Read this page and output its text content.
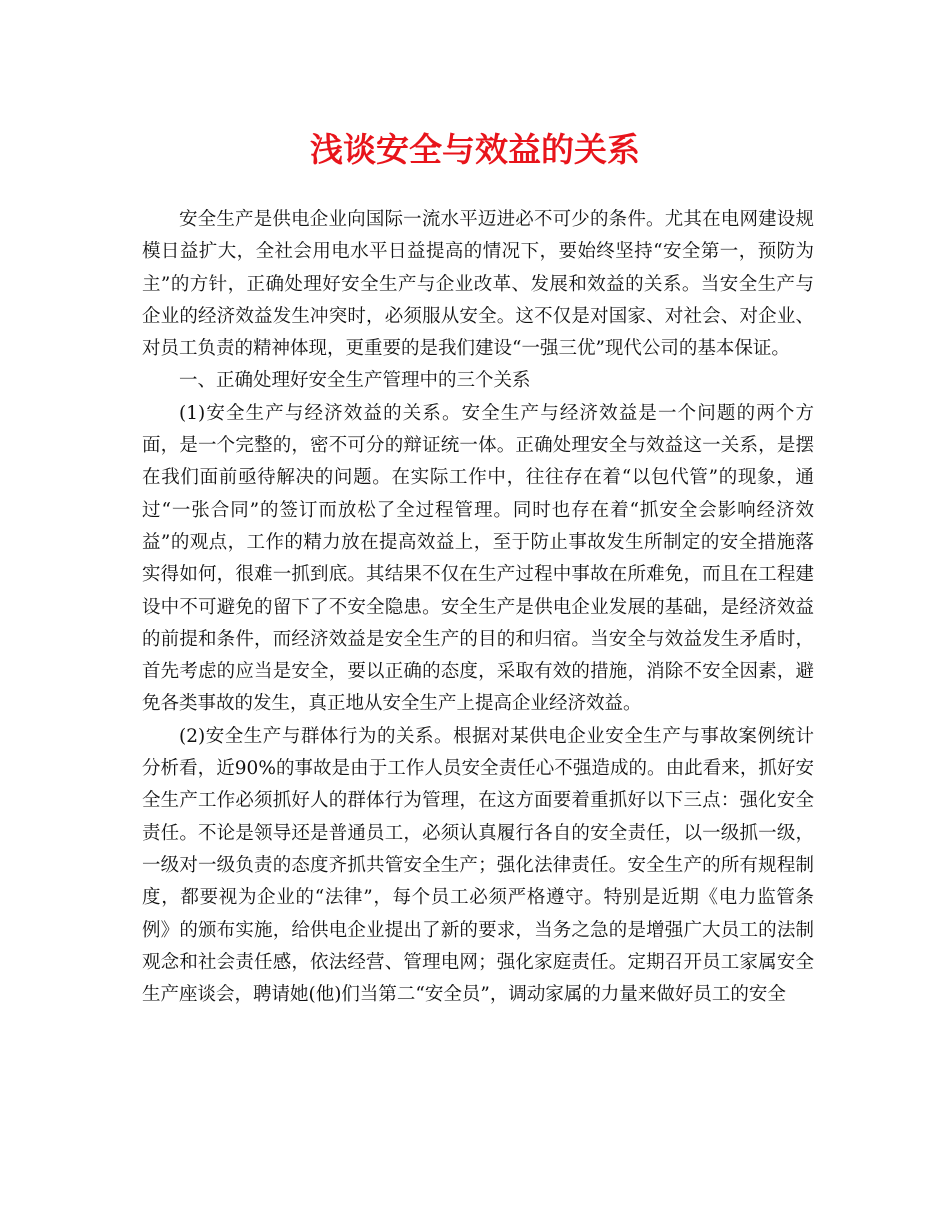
浅谈安全与效益的关系

安全生产是供电企业向国际一流水平迈进必不可少的条件。尤其在电网建设规模日益扩大，全社会用电水平日益提高的情况下，要始终坚持“安全第一，预防为主”的方针，正确处理好安全生产与企业改革、发展和效益的关系。当安全生产与企业的经济效益发生冲突时，必须服从安全。这不仅是对国家、对社会、对企业、对员工负责的精神体现，更重要的是我们建设“一强三优”现代公司的基本保证。

一、正确处理好安全生产管理中的三个关系

(1)安全生产与经济效益的关系。安全生产与经济效益是一个问题的两个方面，是一个完整的，密不可分的辩证统一体。正确处理安全与效益这一关系，是摆在我们面前亟待解决的问题。在实际工作中，往往存在着“以包代管”的现象，通过“一张合同”的签订而放松了全过程管理。同时也存在着“抓安全会影响经济效益”的观点，工作的精力放在提高效益上，至于防止事故发生所制定的安全措施落实得如何，很难一抓到底。其结果不仅在生产过程中事故在所难免，而且在工程建设中不可避免的留下了不安全隐患。安全生产是供电企业发展的基础，是经济效益的前提和条件，而经济效益是安全生产的目的和归宿。当安全与效益发生矛盾时，首先考虑的应当是安全，要以正确的态度，采取有效的措施，消除不安全因素，避免各类事故的发生，真正地从安全生产上提高企业经济效益。

(2)安全生产与群体行为的关系。根据对某供电企业安全生产与事故案例统计分析看，近90%的事故是由于工作人员安全责任心不强造成的。由此看来，抓好安全生产工作必须抓好人的群体行为管理，在这方面要着重抓好以下三点：强化安全责任。不论是领导还是普通员工，必须认真履行各自的安全责任，以一级抓一级，一级对一级负责的态度齐抓共管安全生产；强化法律责任。安全生产的所有规程制度，都要视为企业的“法律”，每个员工必须严格遵守。特别是近期《电力监管条例》的颁布实施，给供电企业提出了新的要求，当务之急的是增强广大员工的法制观念和社会责任感，依法经营、管理电网；强化家庭责任。定期召开员工家属安全生产座谈会，聘请她(他)们当第二“安全员”，调动家属的力量来做好员工的安全
